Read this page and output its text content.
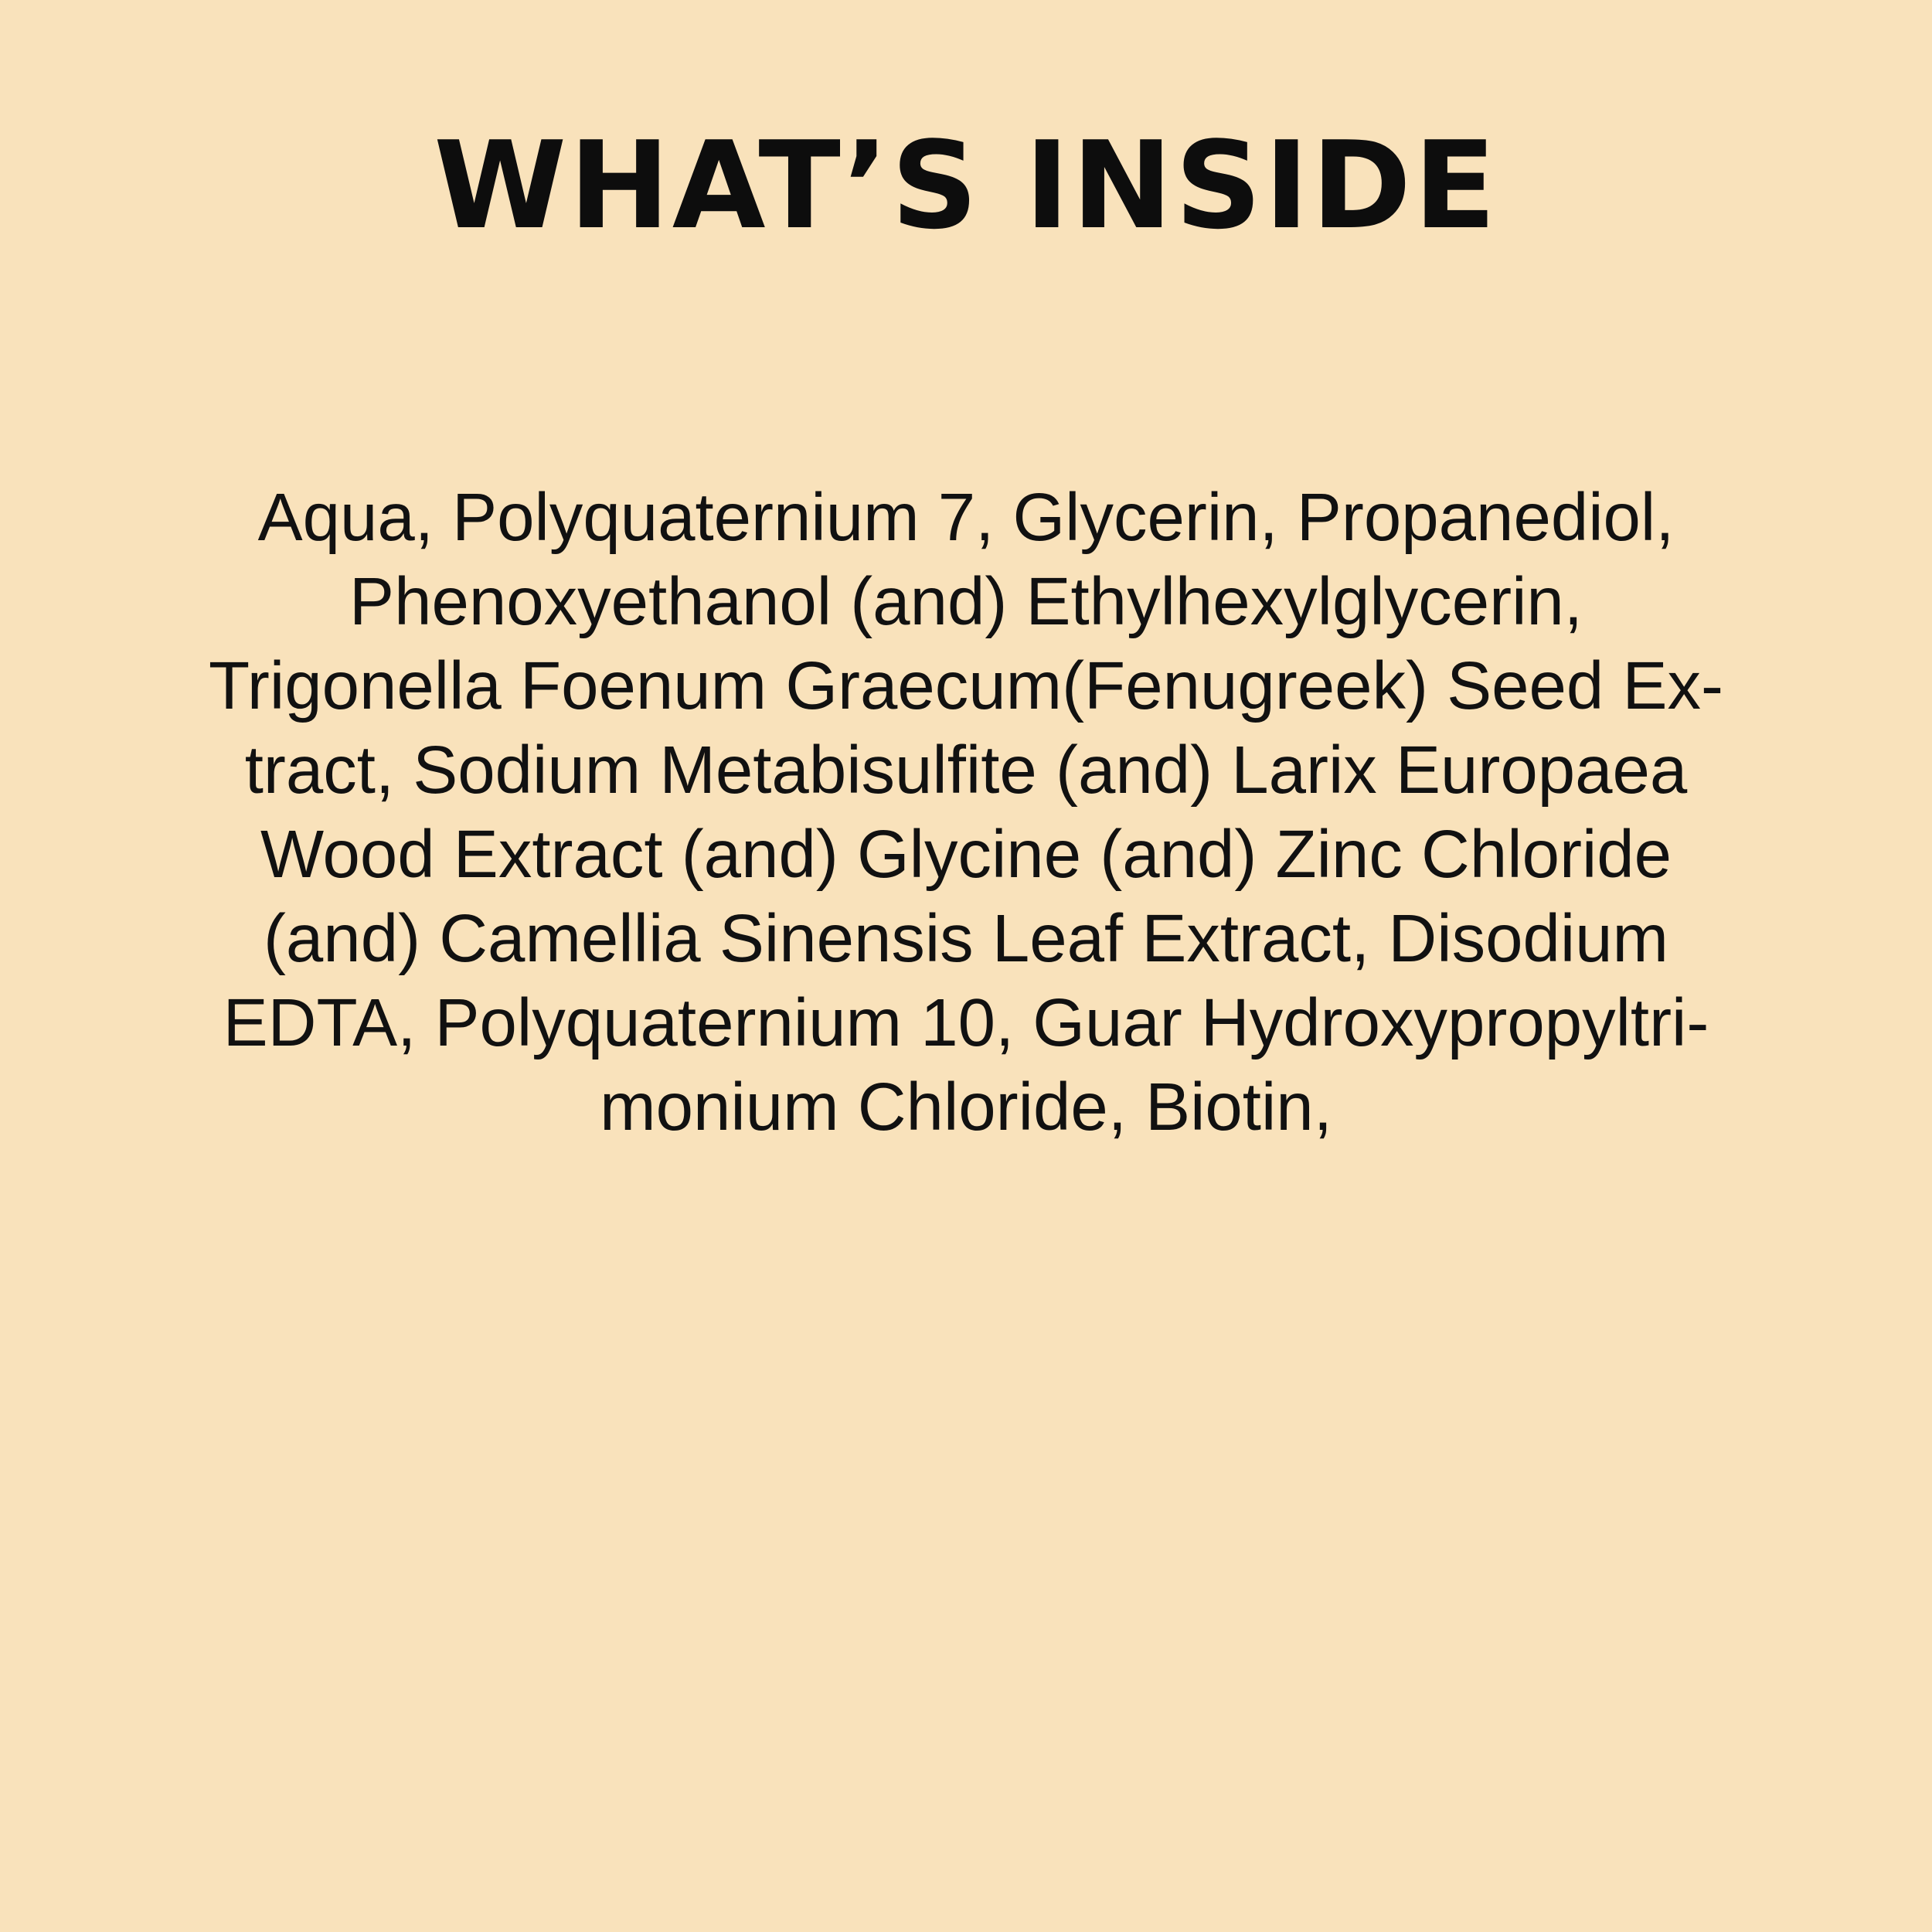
WHAT’S INSIDE
Aqua, Polyquaternium 7, Glycerin, Propanediol,
Phenoxyethanol (and) Ethylhexylglycerin,
Trigonella Foenum Graecum(Fenugreek) Seed Ex-
tract, Sodium Metabisulfite (and) Larix Europaea
Wood Extract (and) Glycine (and) Zinc Chloride
(and) Camellia Sinensis Leaf Extract, Disodium
EDTA, Polyquaternium 10, Guar Hydroxypropyltri-
monium Chloride, Biotin,
